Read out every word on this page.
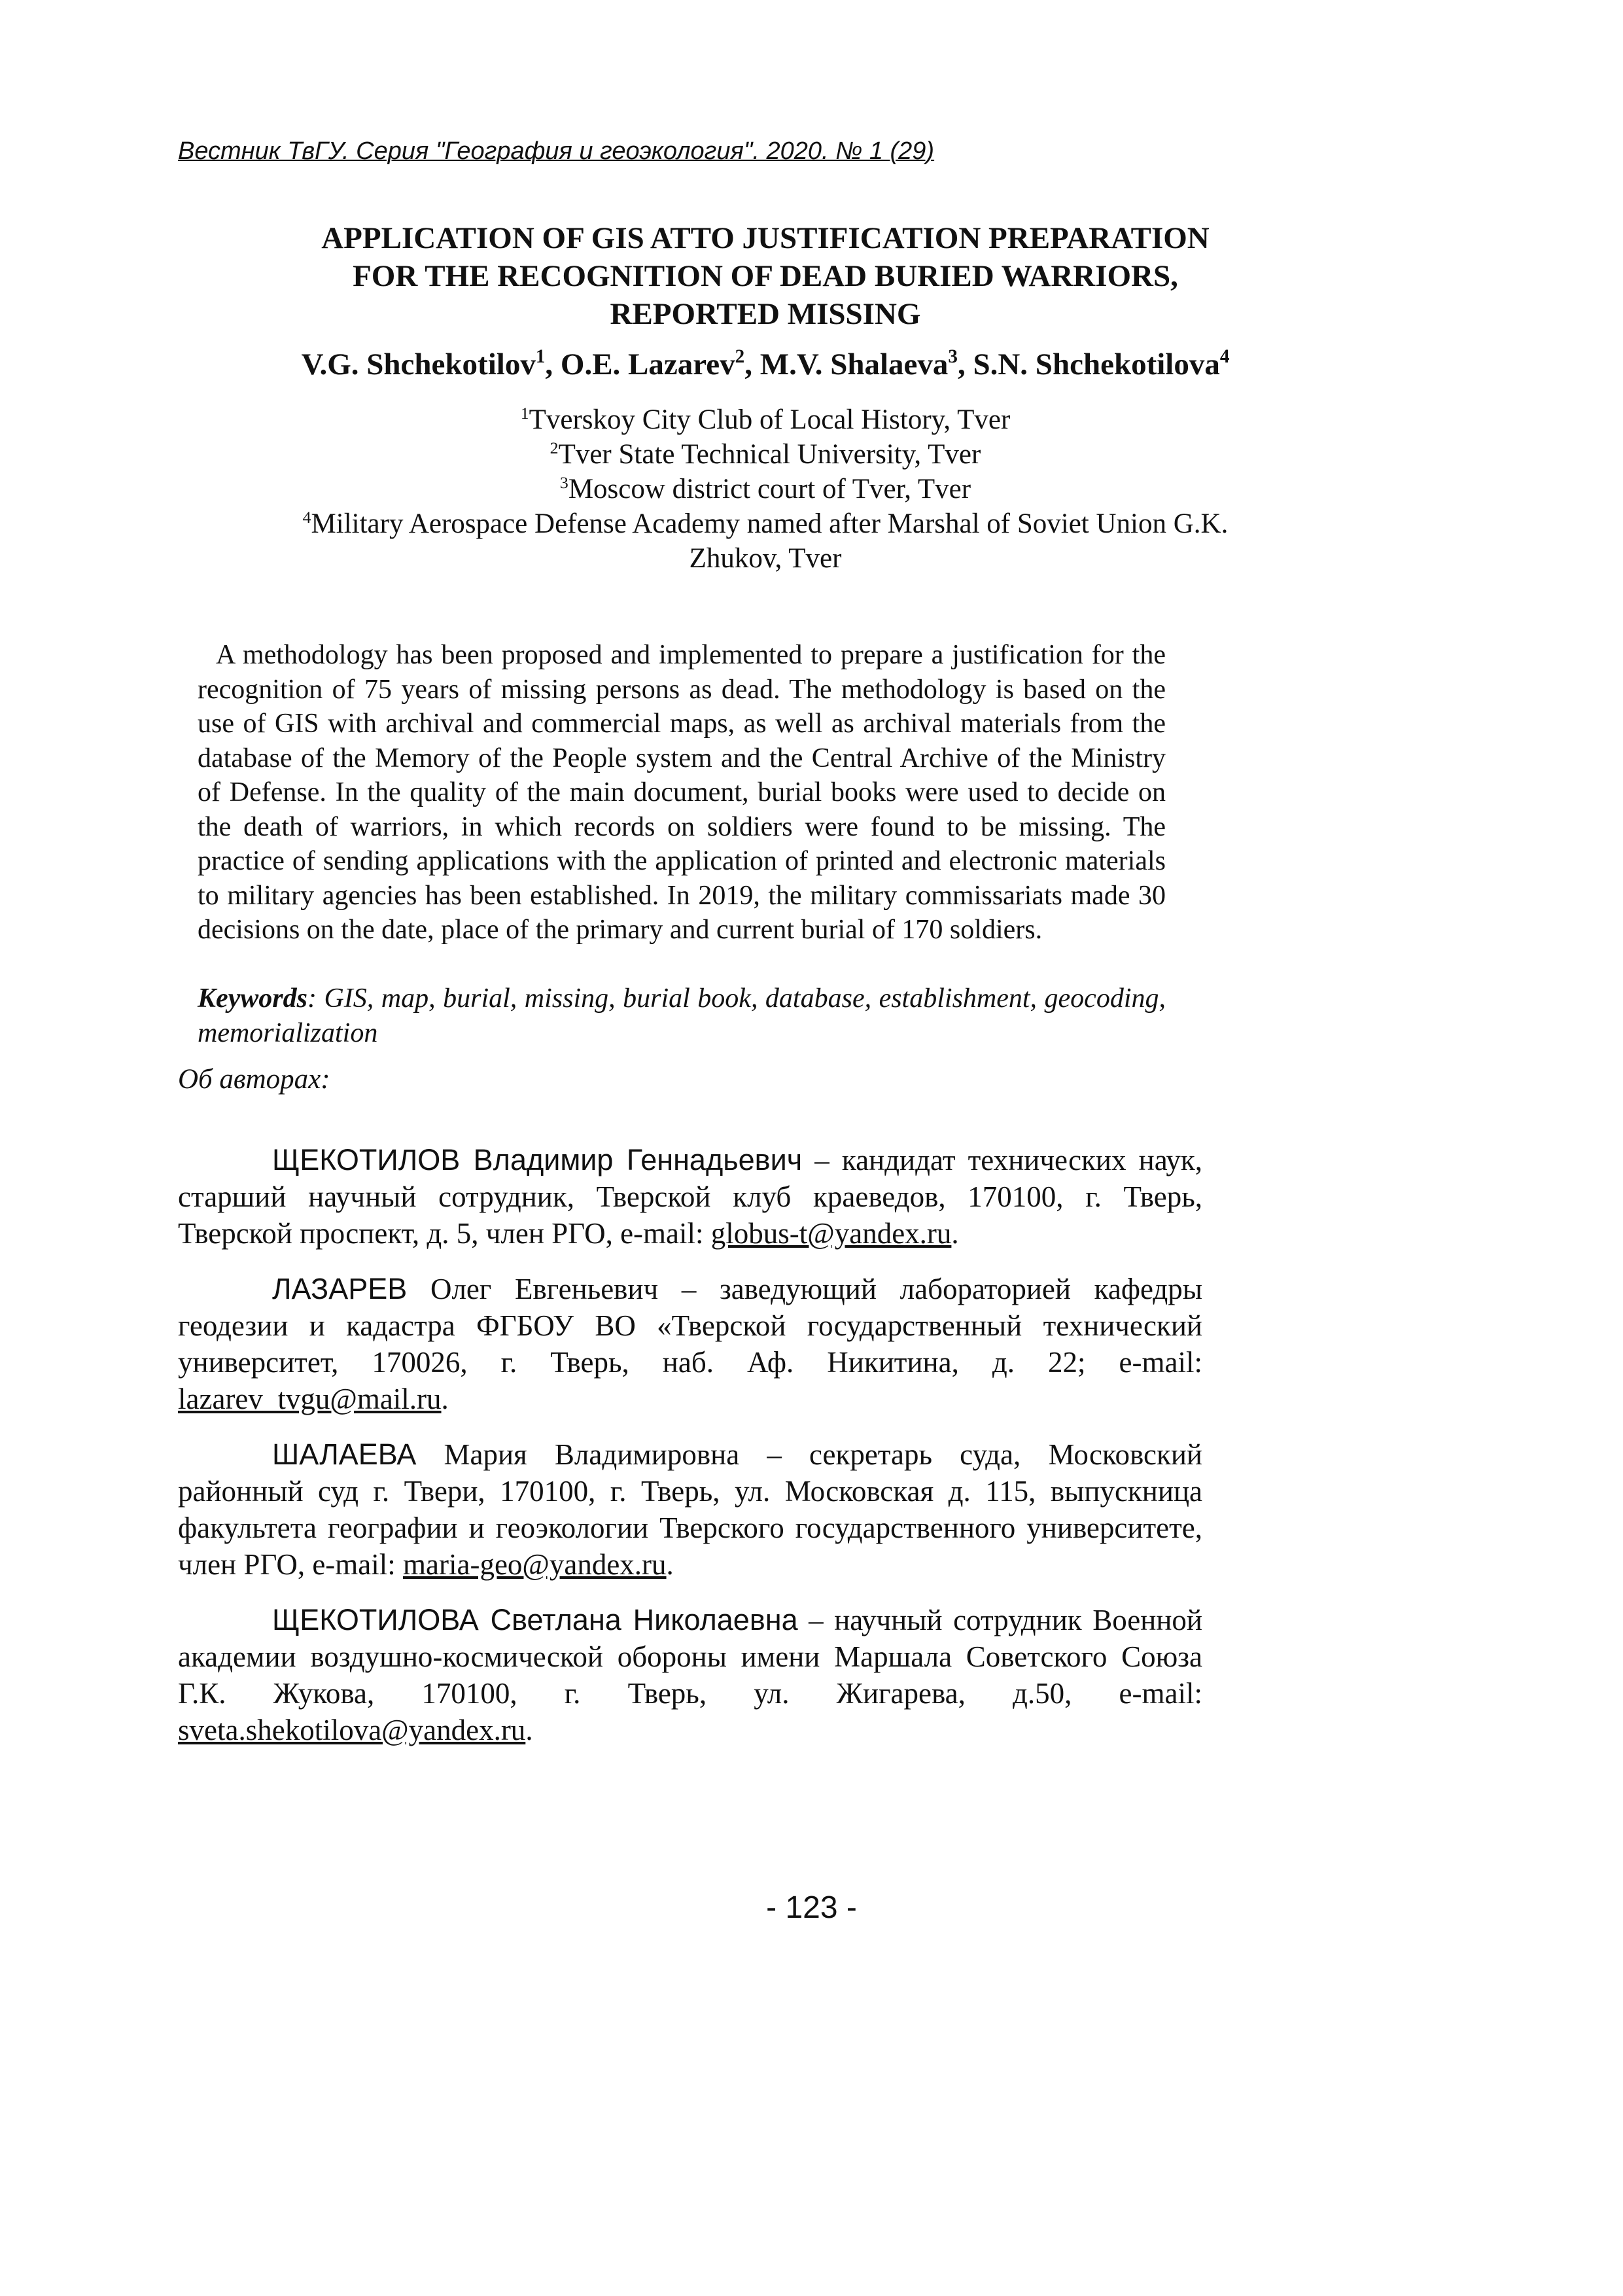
Вестник ТвГУ. Серия "География и геоэкология". 2020. № 1 (29)
APPLICATION OF GIS ATTO JUSTIFICATION PREPARATION
FOR THE RECOGNITION OF DEAD BURIED WARRIORS,
REPORTED MISSING
V.G. Shchekotilov$^1$, O.E. Lazarev$^2$, M.V. Shalaeva$^3$, S.N. Shchekotilova$^4$
$^1$Tverskoy City Club of Local History, Tver
$^2$Tver State Technical University, Tver
$^3$Moscow district court of Tver, Tver
$^4$Military Aerospace Defense Academy named after Marshal of Soviet Union G.K.
Zhukov, Tver

A methodology has been proposed and implemented to prepare a justification for the recognition of 75 years of missing persons as dead. The methodology is based on the use of GIS with archival and commercial maps, as well as archival materials from the database of the Memory of the People system and the Central Archive of the Ministry of Defense. In the quality of the main document, burial books were used to decide on the death of warriors, in which records on soldiers were found to be missing. The practice of sending applications with the application of printed and electronic materials to military agencies has been established. In 2019, the military commissariats made 30 decisions on the date, place of the primary and current burial of 170 soldiers.

Keywords: GIS, map, burial, missing, burial book, database, establishment, geocoding, memorialization

Об авторах:

ЩЕКОТИЛОВ Владимир Геннадьевич – кандидат технических наук, старший научный сотрудник, Тверской клуб краеведов, 170100, г. Тверь, Тверской проспект, д. 5, член РГО, e-mail: globus-t@yandex.ru.

ЛАЗАРЕВ Олег Евгеньевич – заведующий лабораторией кафедры геодезии и кадастра ФГБОУ ВО «Тверской государственный технический университет, 170026, г. Тверь, наб. Аф. Никитина, д. 22; e-mail: lazarev_tvgu@mail.ru.

ШАЛАЕВА Мария Владимировна – секретарь суда, Московский районный суд г. Твери, 170100, г. Тверь, ул. Московская д. 115, выпускница факультета географии и геоэкологии Тверского государственного университете, член РГО, e-mail: maria-geo@yandex.ru.

ЩЕКОТИЛОВА Светлана Николаевна – научный сотрудник Военной академии воздушно-космической обороны имени Маршала Советского Союза Г.К. Жукова, 170100, г. Тверь, ул. Жигарева, д.50, e-mail: sveta.shekotilova@yandex.ru.

- 123 -
